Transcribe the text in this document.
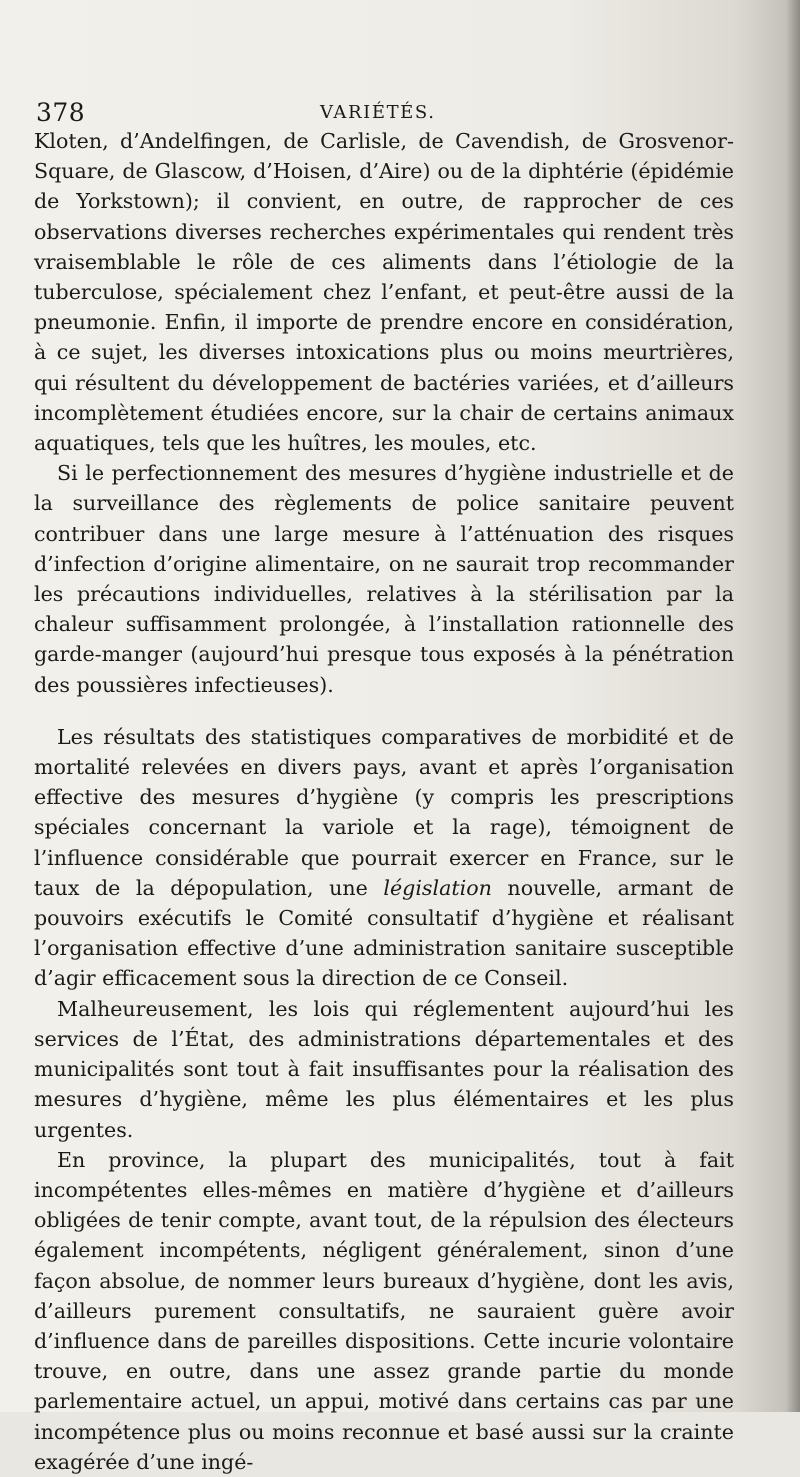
378	VARIÉTÉS.

Kloten, d’Andelfingen, de Carlisle, de Cavendish, de Grosvenor-Square, de Glascow, d’Hoisen, d’Aire) ou de la diphtérie (épidémie de Yorkstown); il convient, en outre, de rapprocher de ces observations diverses recherches expérimentales qui rendent très vraisemblable le rôle de ces aliments dans l’étiologie de la tuberculose, spécialement chez l’enfant, et peut-être aussi de la pneumonie. Enfin, il importe de prendre encore en considération, à ce sujet, les diverses intoxications plus ou moins meurtrières, qui résultent du développement de bactéries variées, et d’ailleurs incomplètement étudiées encore, sur la chair de certains animaux aquatiques, tels que les huîtres, les moules, etc.

Si le perfectionnement des mesures d’hygiène industrielle et de la surveillance des règlements de police sanitaire peuvent contribuer dans une large mesure à l’atténuation des risques d’infection d’origine alimentaire, on ne saurait trop recommander les précautions individuelles, relatives à la stérilisation par la chaleur suffisamment prolongée, à l’installation rationnelle des garde-manger (aujourd’hui presque tous exposés à la pénétration des poussières infectieuses).

Les résultats des statistiques comparatives de morbidité et de mortalité relevées en divers pays, avant et après l’organisation effective des mesures d’hygiène (y compris les prescriptions spéciales concernant la variole et la rage), témoignent de l’influence considérable que pourrait exercer en France, sur le taux de la dépopulation, une législation nouvelle, armant de pouvoirs exécutifs le Comité consultatif d’hygiène et réalisant l’organisation effective d’une administration sanitaire susceptible d’agir efficacement sous la direction de ce Conseil.

Malheureusement, les lois qui réglementent aujourd’hui les services de l’État, des administrations départementales et des municipalités sont tout à fait insuffisantes pour la réalisation des mesures d’hygiène, même les plus élémentaires et les plus urgentes.

En province, la plupart des municipalités, tout à fait incompétentes elles-mêmes en matière d’hygiène et d’ailleurs obligées de tenir compte, avant tout, de la répulsion des électeurs également incompétents, négligent généralement, sinon d’une façon absolue, de nommer leurs bureaux d’hygiène, dont les avis, d’ailleurs purement consultatifs, ne sauraient guère avoir d’influence dans de pareilles dispositions. Cette incurie volontaire trouve, en outre, dans une assez grande partie du monde parlementaire actuel, un appui, motivé dans certains cas par une incompétence plus ou moins reconnue et basé aussi sur la crainte exagérée d’une ingé-
